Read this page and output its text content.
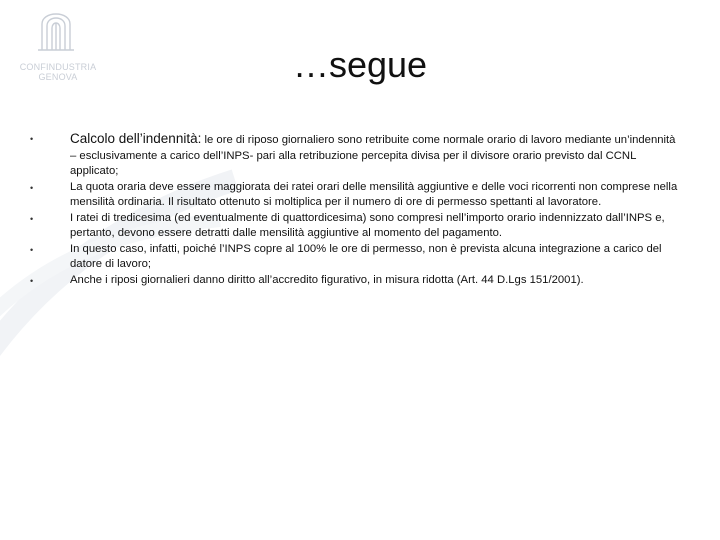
CONFINDUSTRIA
GENOVA	…segue
•	Calcolo dell’indennità: le ore di riposo giornaliero sono retribuite come normale orario di lavoro mediante un’indennità – esclusivamente a carico dell’INPS- pari alla retribuzione percepita divisa per il divisore orario previsto dal CCNL applicato;
•	La quota oraria deve essere maggiorata dei ratei orari delle mensilità aggiuntive e delle voci ricorrenti non comprese nella mensilità ordinaria. Il risultato ottenuto si moltiplica per il numero di ore di permesso spettanti al lavoratore.
•	I ratei di tredicesima (ed eventualmente di quattordicesima) sono compresi nell’importo orario indennizzato dall’INPS e, pertanto, devono essere detratti dalle mensilità aggiuntive al momento del pagamento.
•	In questo caso, infatti, poiché l’INPS copre al 100% le ore di permesso, non è prevista alcuna integrazione a carico del datore di lavoro;
•	Anche i riposi giornalieri danno diritto all’accredito figurativo, in misura ridotta (Art. 44 D.Lgs 151/2001).
